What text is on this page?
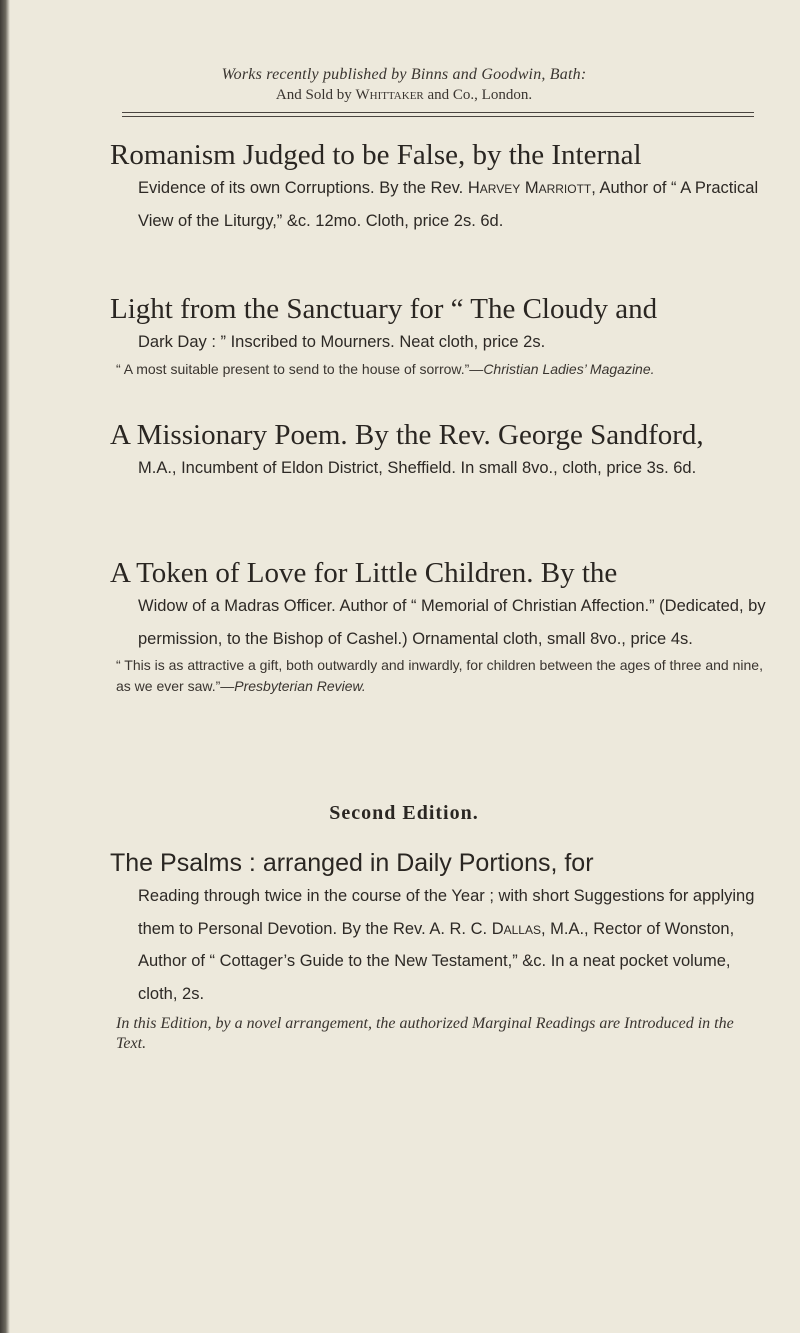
Works recently published by Binns and Goodwin, Bath:
And Sold by Whittaker and Co., London.
Romanism Judged to be False, by the Internal
Evidence of its own Corruptions. By the Rev. Harvey Marriott, Author of “ A Practical View of the Liturgy,” &c. 12mo. Cloth, price 2s. 6d.
Light from the Sanctuary for “ The Cloudy and
Dark Day : ” Inscribed to Mourners. Neat cloth, price 2s.
“ A most suitable present to send to the house of sorrow.”—Christian Ladies’ Magazine.
A Missionary Poem. By the Rev. George Sandford,
M.A., Incumbent of Eldon District, Sheffield. In small 8vo., cloth, price 3s. 6d.
A Token of Love for Little Children. By the
Widow of a Madras Officer. Author of “ Memorial of Christian Affection.” (Dedicated, by permission, to the Bishop of Cashel.) Ornamental cloth, small 8vo., price 4s.
“ This is as attractive a gift, both outwardly and inwardly, for children between the ages of three and nine, as we ever saw.”—Presbyterian Review.
Second Edition.
The Psalms : arranged in Daily Portions, for
Reading through twice in the course of the Year ; with short Suggestions for applying them to Personal Devotion. By the Rev. A. R. C. Dallas, M.A., Rector of Wonston, Author of “ Cottager’s Guide to the New Testament,” &c. In a neat pocket volume, cloth, 2s.
In this Edition, by a novel arrangement, the authorized Marginal Readings are Introduced in the Text.
